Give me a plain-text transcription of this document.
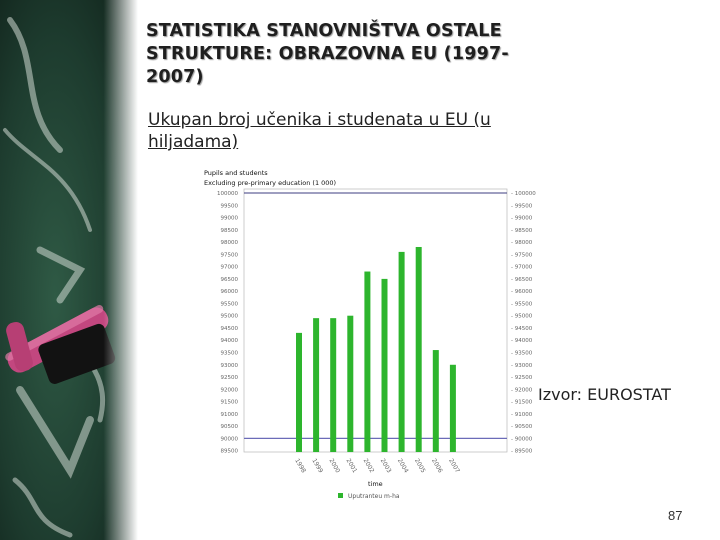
STATISTIKA STANOVNIŠTVA OSTALE STRUKTURE: OBRAZOVNA EU (1997-2007)
Ukupan broj učenika i studenata u EU (u hiljadama)
Pupils and students
Excluding pre-primary education (1 000)
100000
99500
99000
98500
98000
97500
97000
96500
96000
95500
95000
94500
94000
93500
93000
92500
92000
91500
91000
90500
90000
89500
- 100000
- 99500
- 99000
- 98500
- 98000
- 97500
- 97000
- 96500
- 96000
- 95500
- 95000
- 94500
- 94000
- 93500
- 93000
- 92500
- 92000
- 91500
- 91000
- 90500
- 90000
- 89500
1998 1999 2000 2001 2002 2003 2004 2005 2006 2007
time
Uputranteu m-ha
Izvor: EUROSTAT
87
